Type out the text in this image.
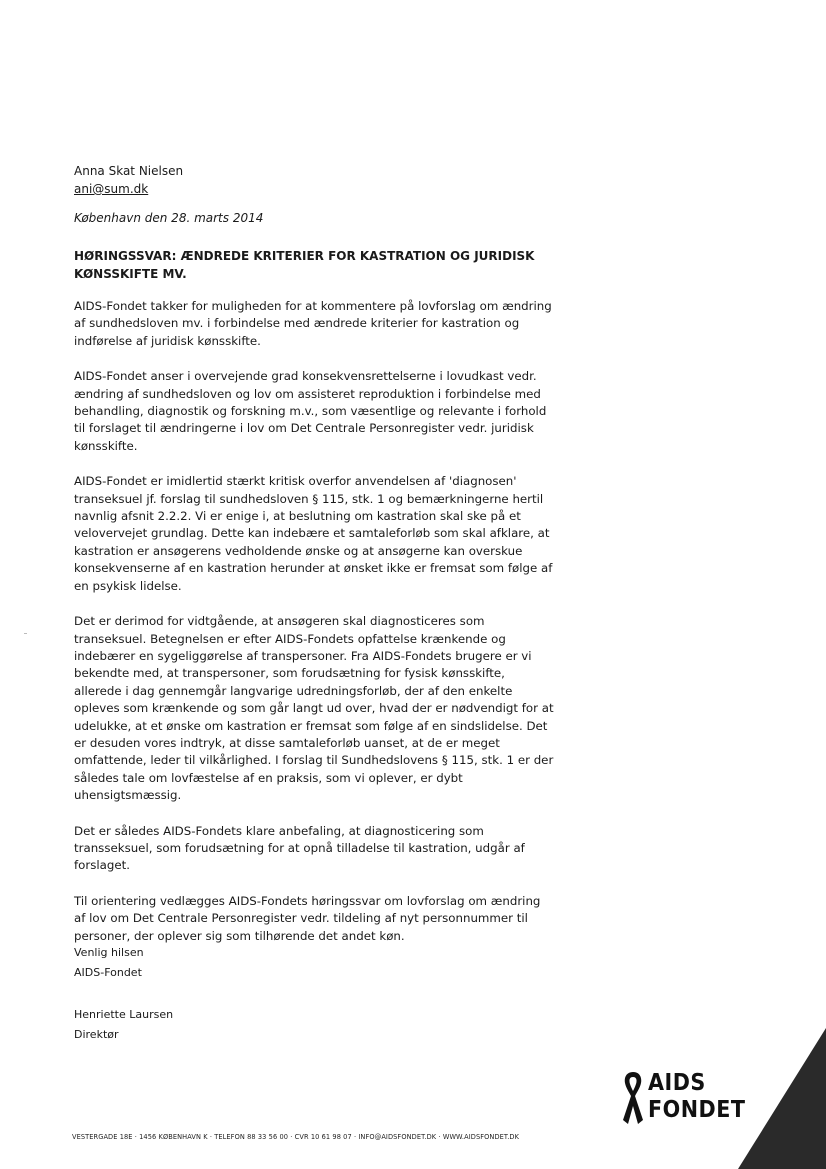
Anna Skat Nielsen
ani@sum.dk
København den 28. marts 2014
HØRINGSSVAR: ÆNDREDE KRITERIER FOR KASTRATION OG JURIDISK KØNSSKIFTE MV.

AIDS-Fondet takker for muligheden for at kommentere på lovforslag om ændring af sundhedsloven mv. i forbindelse med ændrede kriterier for kastration og indførelse af juridisk kønsskifte.

AIDS-Fondet anser i overvejende grad konsekvensrettelserne i lovudkast vedr. ændring af sundhedsloven og lov om assisteret reproduktion i forbindelse med behandling, diagnostik og forskning m.v., som væsentlige og relevante i forhold til forslaget til ændringerne i lov om Det Centrale Personregister vedr. juridisk kønsskifte.

AIDS-Fondet er imidlertid stærkt kritisk overfor anvendelsen af 'diagnosen' transeksuel jf. forslag til sundhedsloven § 115, stk. 1 og bemærkningerne hertil navnlig afsnit 2.2.2. Vi er enige i, at beslutning om kastration skal ske på et velovervejet grundlag. Dette kan indebære et samtaleforløb som skal afklare, at kastration er ansøgerens vedholdende ønske og at ansøgerne kan overskue konsekvenserne af en kastration herunder at ønsket ikke er fremsat som følge af en psykisk lidelse.

Det er derimod for vidtgående, at ansøgeren skal diagnosticeres som transeksuel. Betegnelsen er efter AIDS-Fondets opfattelse krænkende og indebærer en sygeliggørelse af transpersoner. Fra AIDS-Fondets brugere er vi bekendte med, at transpersoner, som forudsætning for fysisk kønsskifte, allerede i dag gennemgår langvarige udredningsforløb, der af den enkelte opleves som krænkende og som går langt ud over, hvad der er nødvendigt for at udelukke, at et ønske om kastration er fremsat som følge af en sindslidelse. Det er desuden vores indtryk, at disse samtaleforløb uanset, at de er meget omfattende, leder til vilkårlighed. I forslag til Sundhedslovens § 115, stk. 1 er der således tale om lovfæstelse af en praksis, som vi oplever, er dybt uhensigtsmæssig.

Det er således AIDS-Fondets klare anbefaling, at diagnosticering som transseksuel, som forudsætning for at opnå tilladelse til kastration, udgår af forslaget.

Til orientering vedlægges AIDS-Fondets høringssvar om lovforslag om ændring af lov om Det Centrale Personregister vedr. tildeling af nyt personnummer til personer, der oplever sig som tilhørende det andet køn.

Venlig hilsen
AIDS-Fondet
Henriette Laursen
Direktør
AIDS
FONDET
VESTERGADE 18E · 1456 KØBENHAVN K · TELEFON 88 33 56 00 · CVR 10 61 98 07 · INFO@AIDSFONDET.DK · WWW.AIDSFONDET.DK
